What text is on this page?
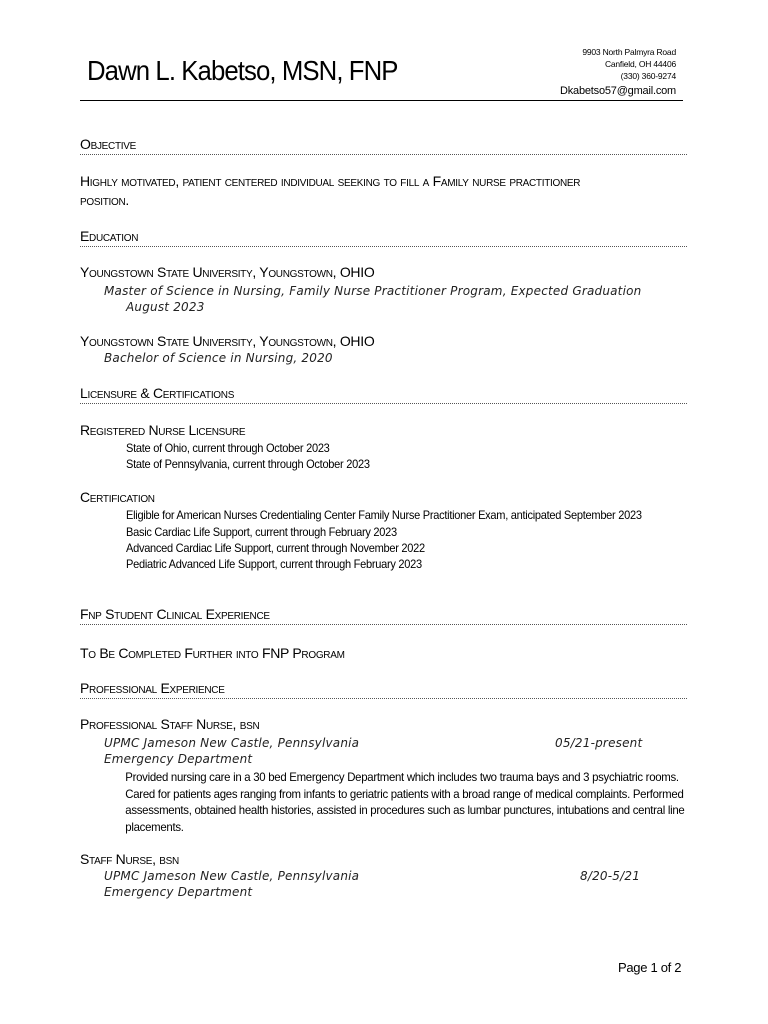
Dawn L. Kabetso, MSN, FNP
9903 North Palmyra Road
Canfield, OH 44406
(330) 360-9274
Dkabetso57@gmail.com
Objective
Highly motivated, patient centered individual seeking to fill a Family nurse practitioner
position.
Education
Youngstown State University, Youngstown, OHIO
Master of Science in Nursing, Family Nurse Practitioner Program, Expected Graduation
August 2023
Youngstown State University, Youngstown, OHIO
Bachelor of Science in Nursing, 2020
Licensure & Certifications
Registered Nurse Licensure
State of Ohio, current through October 2023
State of Pennsylvania, current through October 2023
Certification
Eligible for American Nurses Credentialing Center Family Nurse Practitioner Exam, anticipated September 2023
Basic Cardiac Life Support, current through February 2023
Advanced Cardiac Life Support, current through November 2022
Pediatric Advanced Life Support, current through February 2023
Fnp Student Clinical Experience
To Be Completed Further into FNP Program
Professional Experience
Professional Staff Nurse, bsn
UPMC Jameson New Castle, Pennsylvania	05/21-present
Emergency Department
Provided nursing care in a 30 bed Emergency Department which includes two trauma bays and 3 psychiatric rooms. Cared for patients ages ranging from infants to geriatric patients with a broad range of medical complaints. Performed assessments, obtained health histories, assisted in procedures such as lumbar punctures, intubations and central line placements.
Staff Nurse, bsn
UPMC Jameson New Castle, Pennsylvania	8/20-5/21
Emergency Department
Page 1 of 2
